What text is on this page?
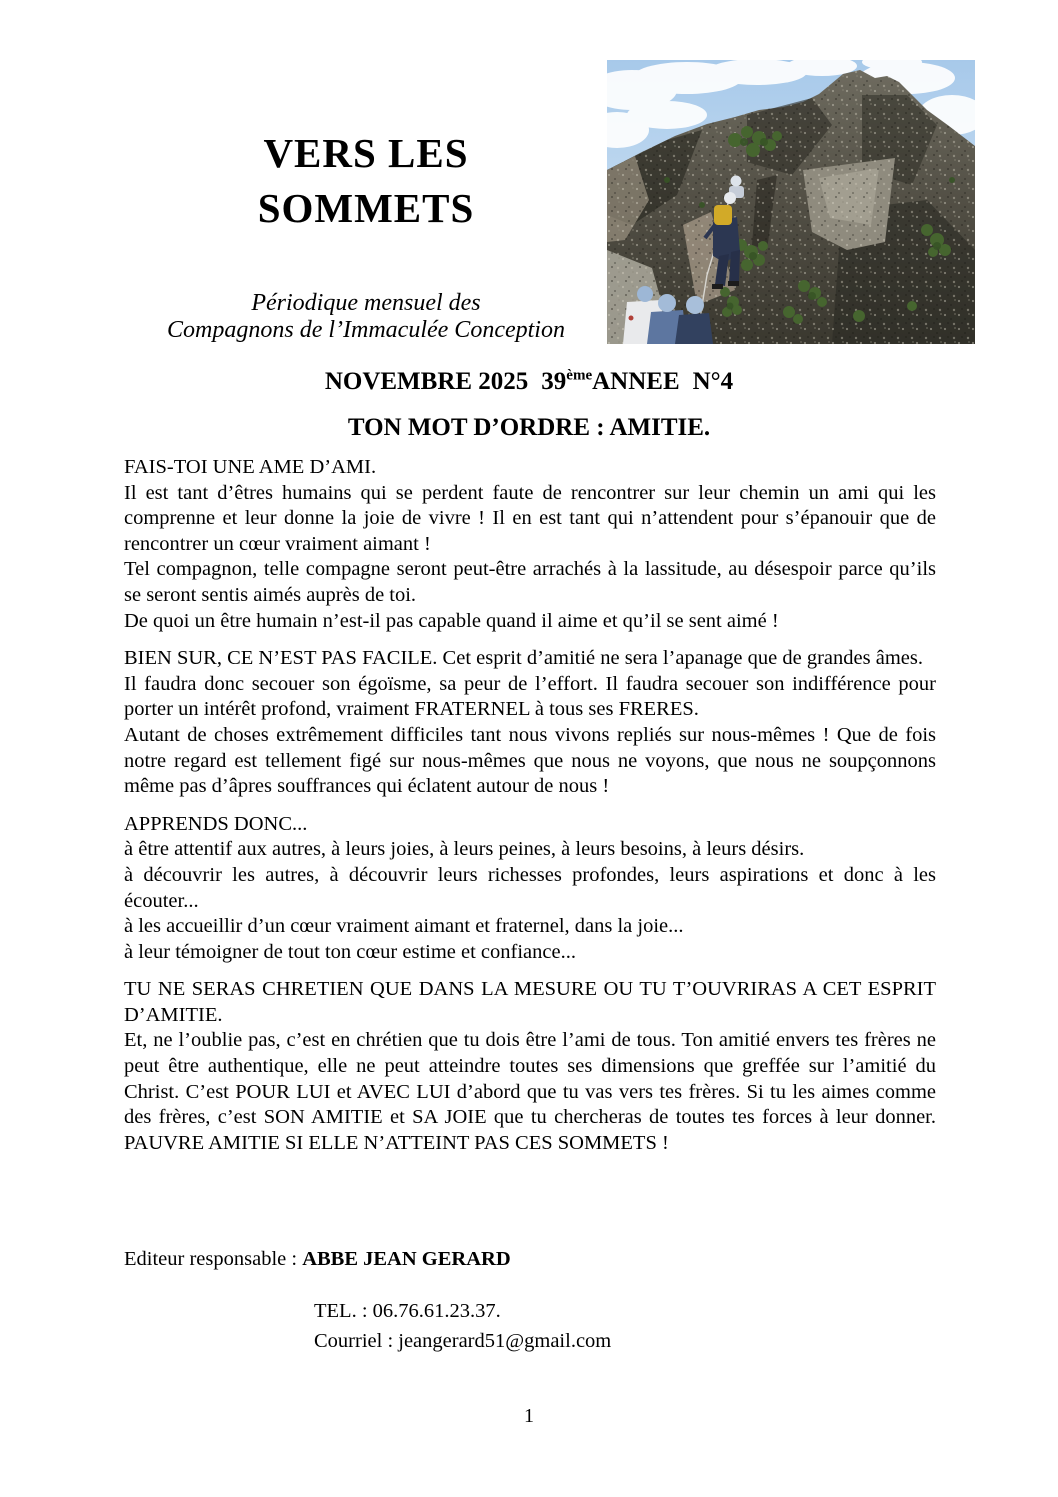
VERS LES
SOMMETS
Périodique mensuel des
Compagnons de l’Immaculée Conception
NOVEMBRE 2025 39èmeANNEE N°4
TON MOT D’ORDRE : AMITIE.
FAIS-TOI UNE AME D’AMI.
Il est tant d’êtres humains qui se perdent faute de rencontrer sur leur chemin un ami qui les comprenne et leur donne la joie de vivre ! Il en est tant qui n’attendent pour s’épanouir que de rencontrer un cœur vraiment aimant !
Tel compagnon, telle compagne seront peut-être arrachés à la lassitude, au désespoir parce qu’ils se seront sentis aimés auprès de toi.
De quoi un être humain n’est-il pas capable quand il aime et qu’il se sent aimé !
BIEN SUR, CE N’EST PAS FACILE. Cet esprit d’amitié ne sera l’apanage que de grandes âmes.
Il faudra donc secouer son égoïsme, sa peur de l’effort. Il faudra secouer son indifférence pour porter un intérêt profond, vraiment FRATERNEL à tous ses FRERES.
Autant de choses extrêmement difficiles tant nous vivons repliés sur nous-mêmes ! Que de fois notre regard est tellement figé sur nous-mêmes que nous ne voyons, que nous ne soupçonnons même pas d’âpres souffrances qui éclatent autour de nous !
APPRENDS DONC...
à être attentif aux autres, à leurs joies, à leurs peines, à leurs besoins, à leurs désirs.
à découvrir les autres, à découvrir leurs richesses profondes, leurs aspirations et donc à les écouter...
à les accueillir d’un cœur vraiment aimant et fraternel, dans la joie...
à leur témoigner de tout ton cœur estime et confiance...
TU NE SERAS CHRETIEN QUE DANS LA MESURE OU TU T’OUVRIRAS A CET ESPRIT D’AMITIE.
Et, ne l’oublie pas, c’est en chrétien que tu dois être l’ami de tous. Ton amitié envers tes frères ne peut être authentique, elle ne peut atteindre toutes ses dimensions que greffée sur l’amitié du Christ. C’est POUR LUI et AVEC LUI d’abord que tu vas vers tes frères. Si tu les aimes comme des frères, c’est SON AMITIE et SA JOIE que tu chercheras de toutes tes forces à leur donner. PAUVRE AMITIE SI ELLE N’ATTEINT PAS CES SOMMETS !
Editeur responsable : ABBE JEAN GERARD
TEL. : 06.76.61.23.37.
Courriel : jeangerard51@gmail.com
1
